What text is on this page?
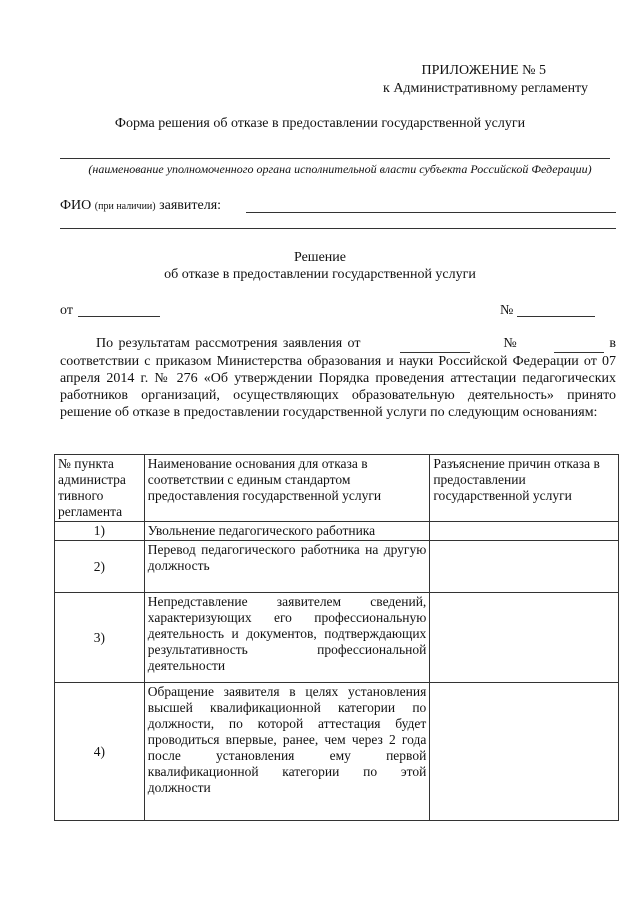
ПРИЛОЖЕНИЕ № 5
к Административному регламенту
Форма решения об отказе в предоставлении государственной услуги
(наименование уполномоченного органа исполнительной власти субъекта Российской Федерации)
ФИО (при наличии) заявителя:
Решение
об отказе в предоставлении государственной услуги
от	№
По результатам рассмотрения заявления от	№	в соответствии с приказом Министерства образования и науки Российской Федерации от 07 апреля 2014 г. № 276 «Об утверждении Порядка проведения аттестации педагогических работников организаций, осуществляющих образовательную деятельность» принято решение об отказе в предоставлении государственной услуги по следующим основаниям:
№ пункта администра тивного регламента	Наименование основания для отказа в соответствии с единым стандартом предоставления государственной услуги	Разъяснение причин отказа в предоставлении государственной услуги
1)	Увольнение педагогического работника	
2)	Перевод педагогического работника на другую должность	
3)	Непредставление заявителем сведений, характеризующих его профессиональную деятельность и документов, подтверждающих результативность профессиональной деятельности	
4)	Обращение заявителя в целях установления высшей квалификационной категории по должности, по которой аттестация будет проводиться впервые, ранее, чем через 2 года после установления ему первой квалификационной категории по этой должности	
